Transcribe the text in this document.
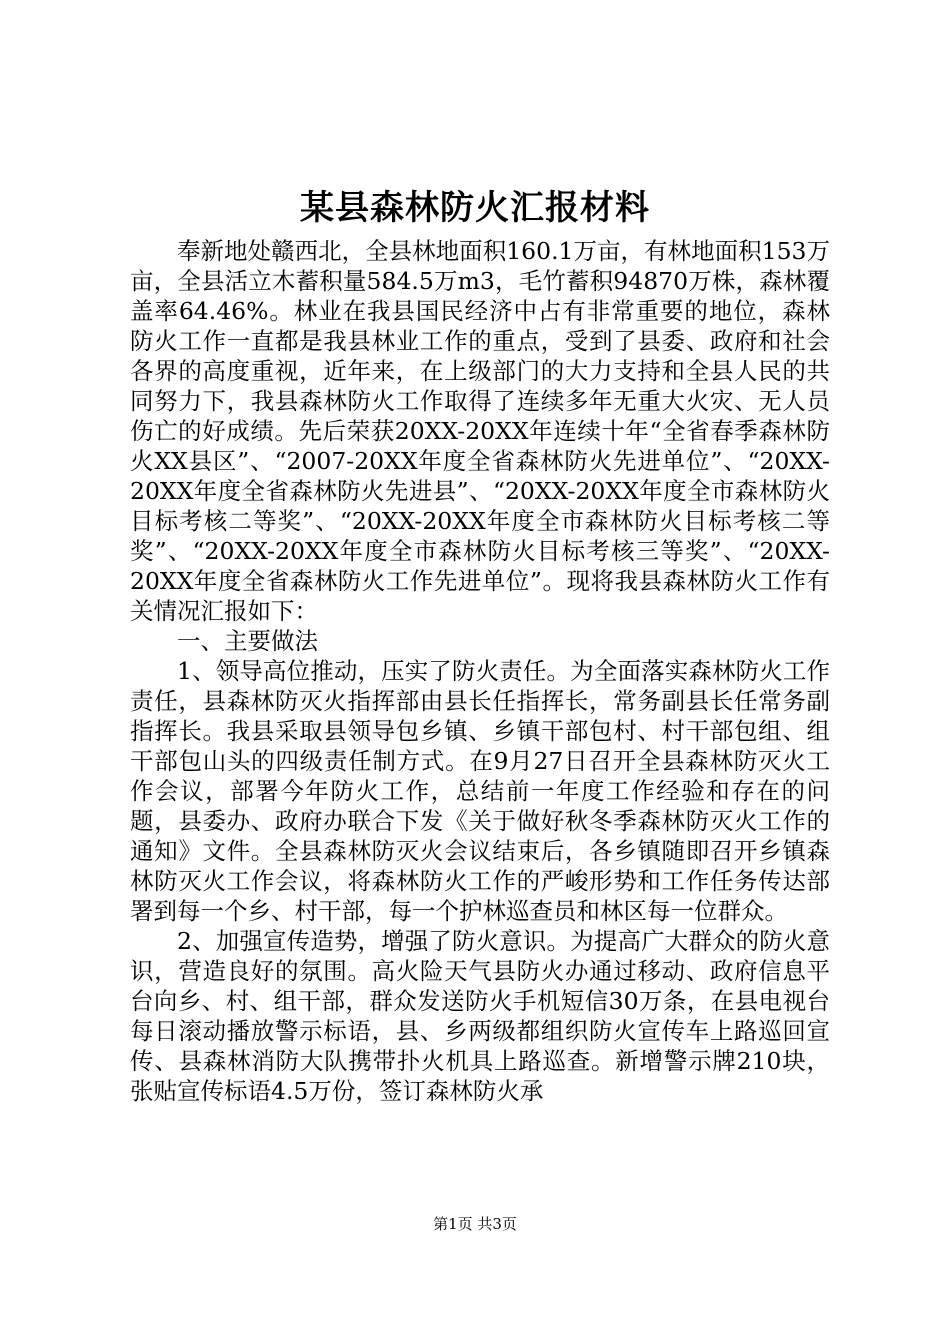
某县森林防火汇报材料

奉新地处赣西北，全县林地面积160.1万亩，有林地面积153万亩，全县活立木蓄积量584.5万m3，毛竹蓄积94870万株，森林覆盖率64.46%。林业在我县国民经济中占有非常重要的地位，森林防火工作一直都是我县林业工作的重点，受到了县委、政府和社会各界的高度重视，近年来，在上级部门的大力支持和全县人民的共同努力下，我县森林防火工作取得了连续多年无重大火灾、无人员伤亡的好成绩。先后荣获20XX-20XX年连续十年“全省春季森林防火XX县区”、“2007-20XX年度全省森林防火先进单位”、“20XX-20XX年度全省森林防火先进县”、“20XX-20XX年度全市森林防火目标考核二等奖”、“20XX-20XX年度全市森林防火目标考核二等奖”、“20XX-20XX年度全市森林防火目标考核三等奖”、“20XX-20XX年度全省森林防火工作先进单位”。现将我县森林防火工作有关情况汇报如下：

一、主要做法

1、领导高位推动，压实了防火责任。为全面落实森林防火工作责任，县森林防灭火指挥部由县长任指挥长，常务副县长任常务副指挥长。我县采取县领导包乡镇、乡镇干部包村、村干部包组、组干部包山头的四级责任制方式。在9月27日召开全县森林防灭火工作会议，部署今年防火工作，总结前一年度工作经验和存在的问题，县委办、政府办联合下发《关于做好秋冬季森林防灭火工作的通知》文件。全县森林防灭火会议结束后，各乡镇随即召开乡镇森林防灭火工作会议，将森林防火工作的严峻形势和工作任务传达部署到每一个乡、村干部，每一个护林巡查员和林区每一位群众。

2、加强宣传造势，增强了防火意识。为提高广大群众的防火意识，营造良好的氛围。高火险天气县防火办通过移动、政府信息平台向乡、村、组干部，群众发送防火手机短信30万条，在县电视台每日滚动播放警示标语，县、乡两级都组织防火宣传车上路巡回宣传、县森林消防大队携带扑火机具上路巡查。新增警示牌210块，张贴宣传标语4.5万份，签订森林防火承

第1页 共3页
